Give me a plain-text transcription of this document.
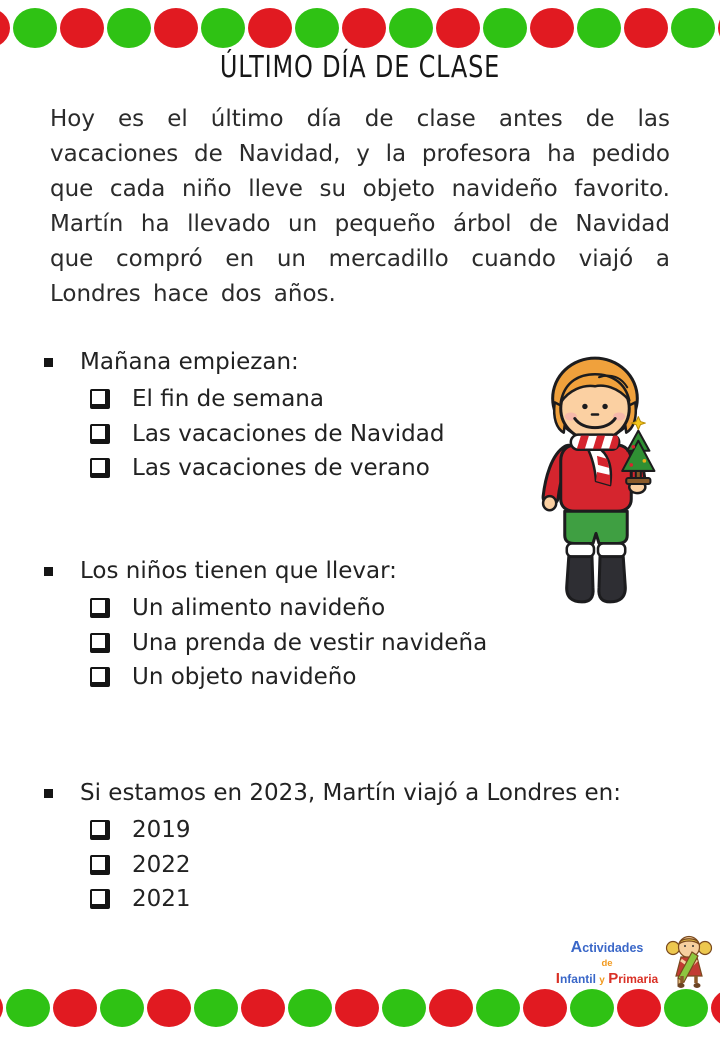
ÚLTIMO DÍA DE CLASE
Hoy es el último día de clase antes de las vacaciones de Navidad, y la profesora ha pedido que cada niño lleve su objeto navideño favorito. Martín ha llevado un pequeño árbol de Navidad que compró en un mercadillo cuando viajó a Londres hace dos años.
Mañana empiezan:
El fin de semana
Las vacaciones de Navidad
Las vacaciones de verano
Los niños tienen que llevar:
Un alimento navideño
Una prenda de vestir navideña
Un objeto navideño
Si estamos en 2023, Martín viajó a Londres en:
2019
2022
2021
Actividades
de
Infantil y Primaria
